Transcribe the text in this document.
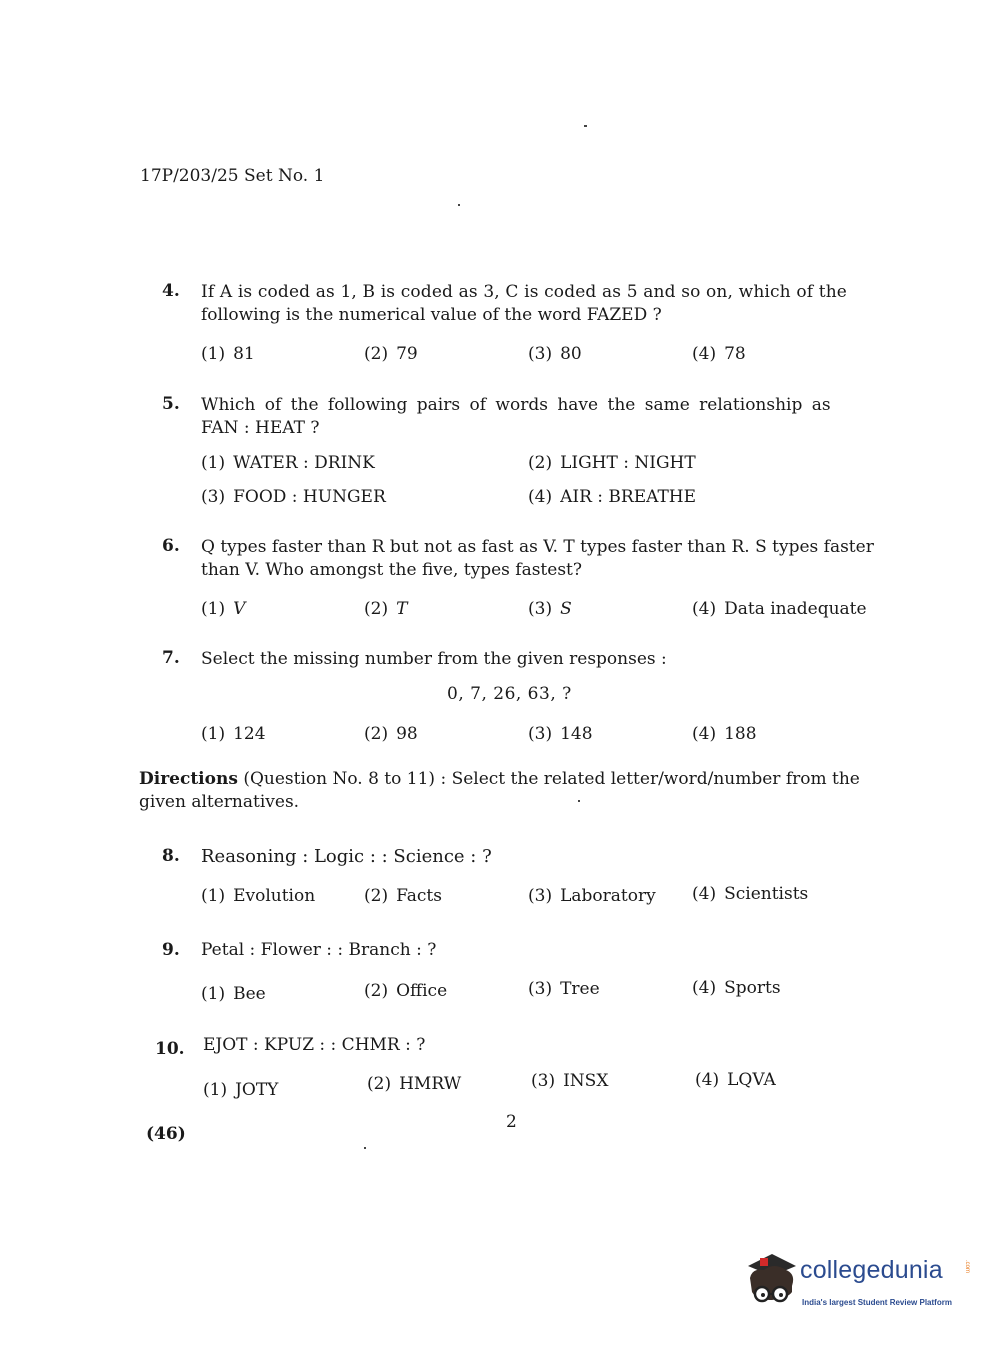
17P/203/25 Set No. 1
4. If A is coded as 1, B is coded as 3, C is coded as 5 and so on, which of the
following is the numerical value of the word FAZED ?
(1) 81	(2) 79	(3) 80	(4) 78
5. Which of the following pairs of words have the same relationship as
FAN : HEAT ?
(1) WATER : DRINK	(2) LIGHT : NIGHT
(3) FOOD : HUNGER	(4) AIR : BREATHE
6. Q types faster than R but not as fast as V. T types faster than R. S types faster
than V. Who amongst the five, types fastest?
(1) V	(2) T	(3) S	(4) Data inadequate
7. Select the missing number from the given responses :
0, 7, 26, 63, ?
(1) 124	(2) 98	(3) 148	(4) 188
Directions (Question No. 8 to 11) : Select the related letter/word/number from the given alternatives.
8. Reasoning : Logic : : Science : ?
(1) Evolution	(2) Facts	(3) Laboratory (4) Scientists
9. Petal : Flower : : Branch : ?
(1) Bee	(2) Office	(3) Tree	(4) Sports
10. EJOT : KPUZ : : CHMR : ?
(1) JOTY	(2) HMRW	(3) INSX	(4) LQVA
2
(46)
collegedunia	.com
India's largest Student Review Platform
